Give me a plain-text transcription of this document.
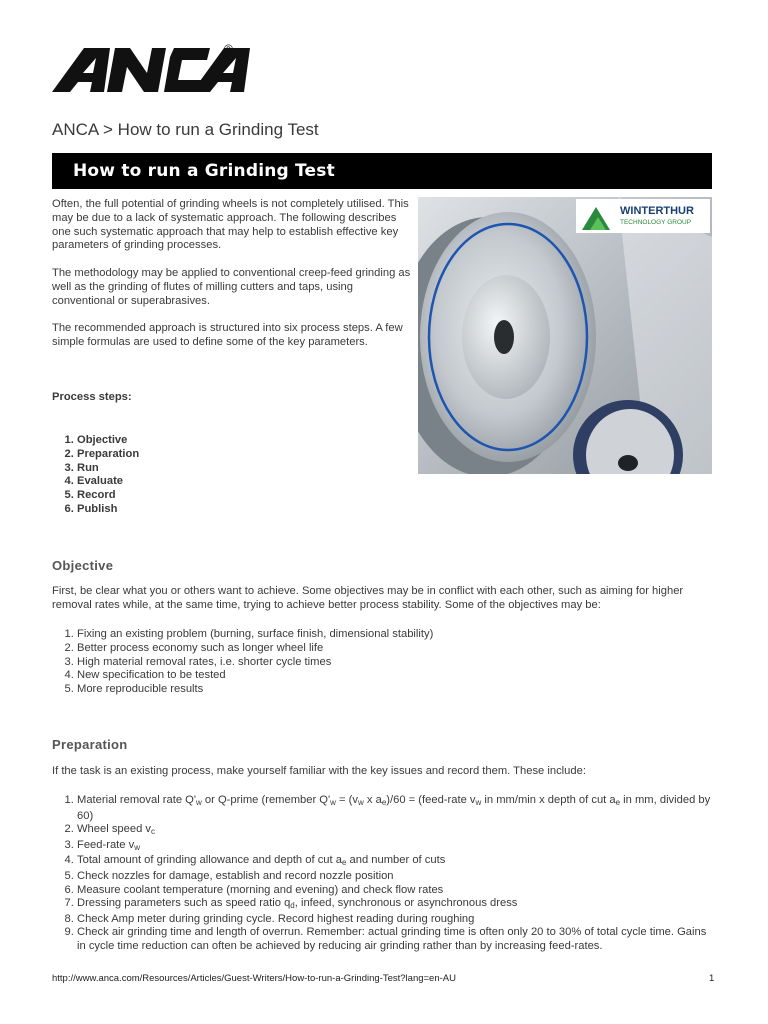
®
ANCA > How to run a Grinding Test
How to run a Grinding Test

Often, the full potential of grinding wheels is not completely utilised. This may be due to a lack of systematic approach. The following describes one such systematic approach that may help to establish effective key parameters of grinding processes.

The methodology may be applied to conventional creep-feed grinding as well as the grinding of flutes of milling cutters and taps, using conventional or superabrasives.

The recommended approach is structured into six process steps. A few simple formulas are used to define some of the key parameters.

Process steps:
1. Objective
2. Preparation
3. Run
4. Evaluate
5. Record
6. Publish
WINTERTHUR
TECHNOLOGY GROUP
Objective

First, be clear what you or others want to achieve. Some objectives may be in conflict with each other, such as aiming for higher removal rates while, at the same time, trying to achieve better process stability. Some of the objectives may be:

1. Fixing an existing problem (burning, surface finish, dimensional stability)
2. Better process economy such as longer wheel life
3. High material removal rates, i.e. shorter cycle times
4. New specification to be tested
5. More reproducible results
Preparation

If the task is an existing process, make yourself familiar with the key issues and record them. These include:

1. Material removal rate $Q'_w$ or Q-prime (remember $Q'_w = (v_w$ x $a_e)/60$ = (feed-rate $v_w$ in mm/min x depth of cut $a_e$ in mm, divided by 60)
2. Wheel speed $v_c$
3. Feed-rate $v_w$
4. Total amount of grinding allowance and depth of cut $a_e$ and number of cuts
5. Check nozzles for damage, establish and record nozzle position
6. Measure coolant temperature (morning and evening) and check flow rates
7. Dressing parameters such as speed ratio $q_d$, infeed, synchronous or asynchronous dress
8. Check Amp meter during grinding cycle. Record highest reading during roughing
9. Check air grinding time and length of overrun. Remember: actual grinding time is often only 20 to 30% of total cycle time. Gains in cycle time reduction can often be achieved by reducing air grinding rather than by increasing feed-rates.
http://www.anca.com/Resources/Articles/Guest-Writers/How-to-run-a-Grinding-Test?lang=en-AU	1
